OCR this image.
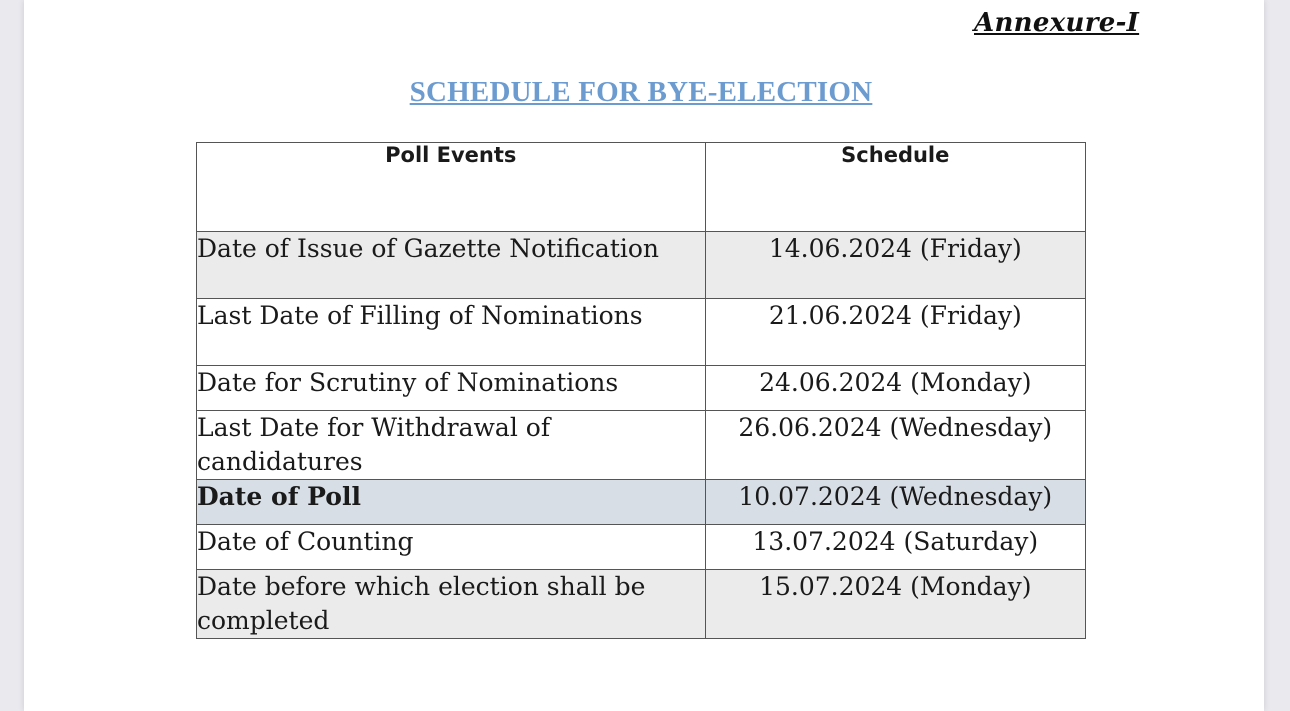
Annexure-I
SCHEDULE FOR BYE-ELECTION
Poll Events	Schedule
Date of Issue of Gazette Notification	14.06.2024 (Friday)
Last Date of Filling of Nominations	21.06.2024 (Friday)
Date for Scrutiny of Nominations	24.06.2024 (Monday)
Last Date for Withdrawal of candidatures	26.06.2024 (Wednesday)
Date of Poll	10.07.2024 (Wednesday)
Date of Counting	13.07.2024 (Saturday)
Date before which election shall be completed	15.07.2024 (Monday)
